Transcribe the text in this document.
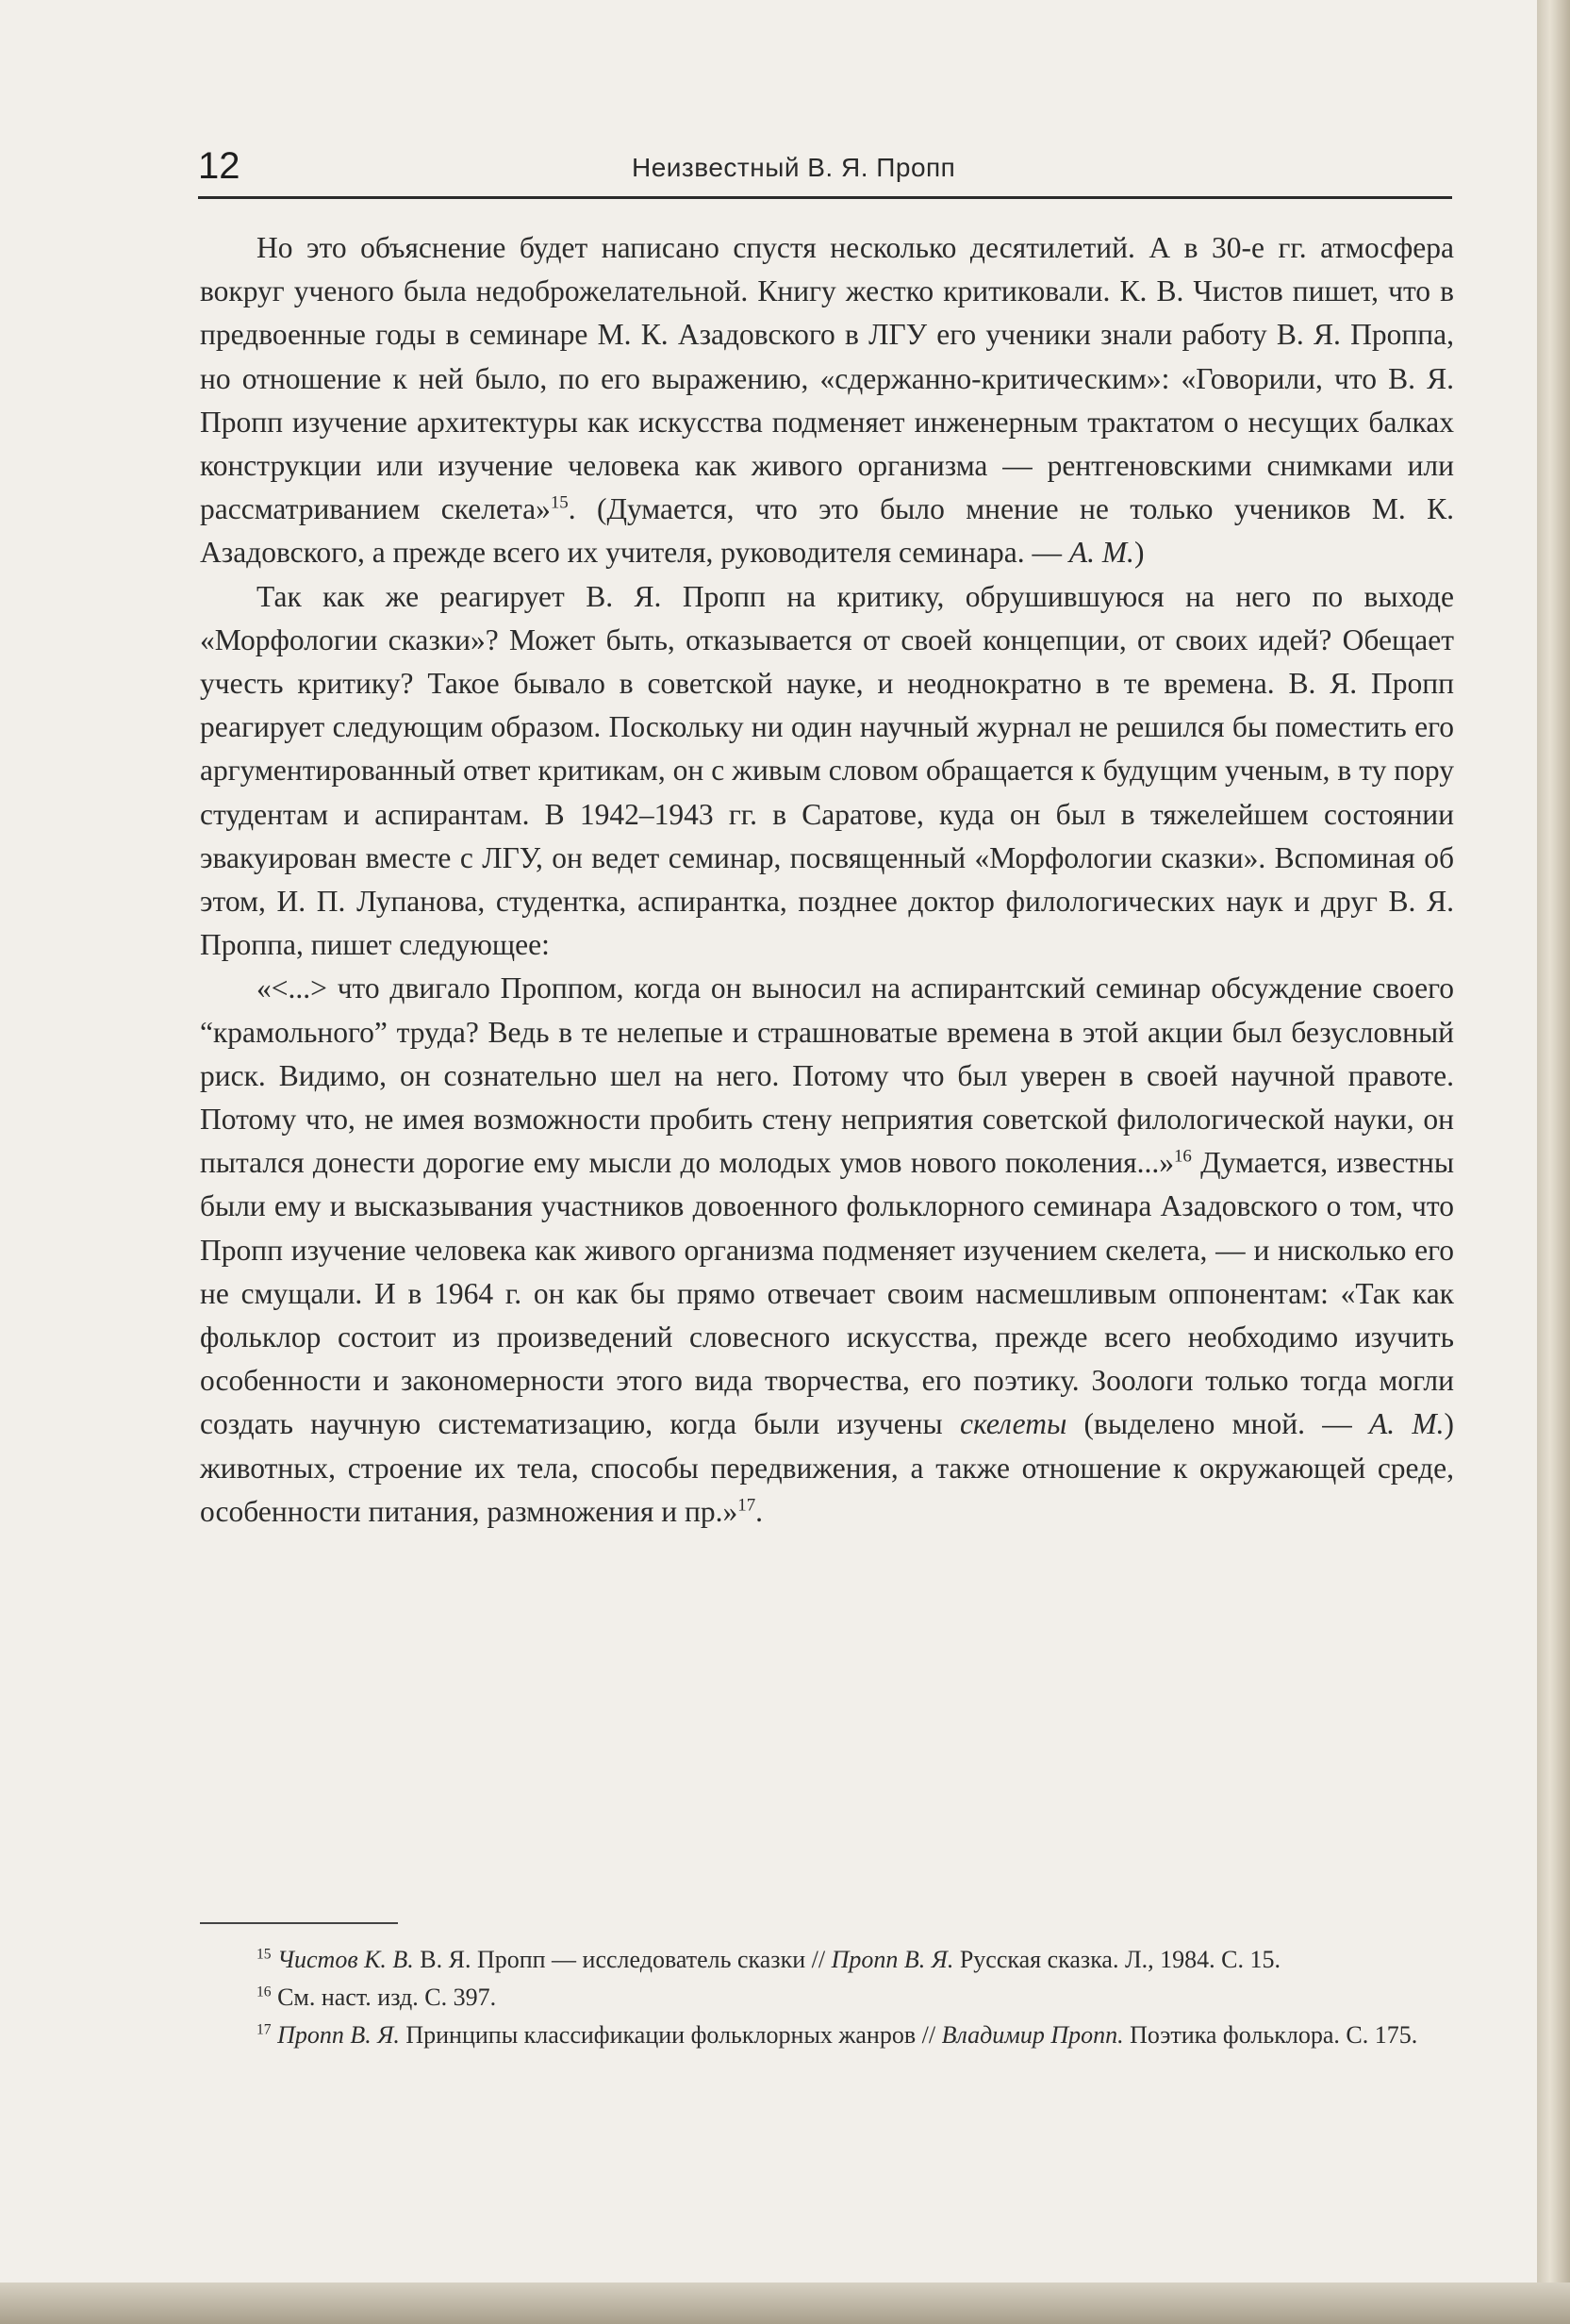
12	Неизвестный В. Я. Пропп

Но это объяснение будет написано спустя несколько десятилетий. А в 30-е гг. атмосфера вокруг ученого была недоброжелательной. Книгу жестко критиковали. К. В. Чистов пишет, что в предвоенные годы в семинаре М. К. Азадовского в ЛГУ его ученики знали работу В. Я. Проппа, но отношение к ней было, по его выражению, «сдержанно-критическим»: «Говорили, что В. Я. Пропп изучение архитектуры как искусства подменяет инженерным трактатом о несущих балках конструкции или изучение человека как живого организма — рентгеновскими снимками или рассматриванием скелета»$^{15}$. (Думается, что это было мнение не только учеников М. К. Азадовского, а прежде всего их учителя, руководителя семинара. — А. М.)

Так как же реагирует В. Я. Пропп на критику, обрушившуюся на него по выходе «Морфологии сказки»? Может быть, отказывается от своей концепции, от своих идей? Обещает учесть критику? Такое бывало в советской науке, и неоднократно в те времена. В. Я. Пропп реагирует следующим образом. Поскольку ни один научный журнал не решился бы поместить его аргументированный ответ критикам, он с живым словом обращается к будущим ученым, в ту пору студентам и аспирантам. В 1942–1943 гг. в Саратове, куда он был в тяжелейшем состоянии эвакуирован вместе с ЛГУ, он ведет семинар, посвященный «Морфологии сказки». Вспоминая об этом, И. П. Лупанова, студентка, аспирантка, позднее доктор филологических наук и друг В. Я. Проппа, пишет следующее:

«<...> что двигало Проппом, когда он выносил на аспирантский семинар обсуждение своего “крамольного” труда? Ведь в те нелепые и страшноватые времена в этой акции был безусловный риск. Видимо, он сознательно шел на него. Потому что был уверен в своей научной правоте. Потому что, не имея возможности пробить стену неприятия советской филологической науки, он пытался донести дорогие ему мысли до молодых умов нового поколения...»$^{16}$ Думается, известны были ему и высказывания участников довоенного фольклорного семинара Азадовского о том, что Пропп изучение человека как живого организма подменяет изучением скелета, — и нисколько его не смущали. И в 1964 г. он как бы прямо отвечает своим насмешливым оппонентам: «Так как фольклор состоит из произведений словесного искусства, прежде всего необходимо изучить особенности и закономерности этого вида творчества, его поэтику. Зоологи только тогда могли создать научную систематизацию, когда были изучены скелеты (выделено мной. — А. М.) животных, строение их тела, способы передвижения, а также отношение к окружающей среде, особенности питания, размножения и пр.»$^{17}$.

$^{15}$ Чистов К. В. В. Я. Пропп — исследователь сказки // Пропп В. Я. Русская сказка. Л., 1984. С. 15.

$^{16}$ См. наст. изд. С. 397.

$^{17}$ Пропп В. Я. Принципы классификации фольклорных жанров // Владимир Пропп. Поэтика фольклора. С. 175.
